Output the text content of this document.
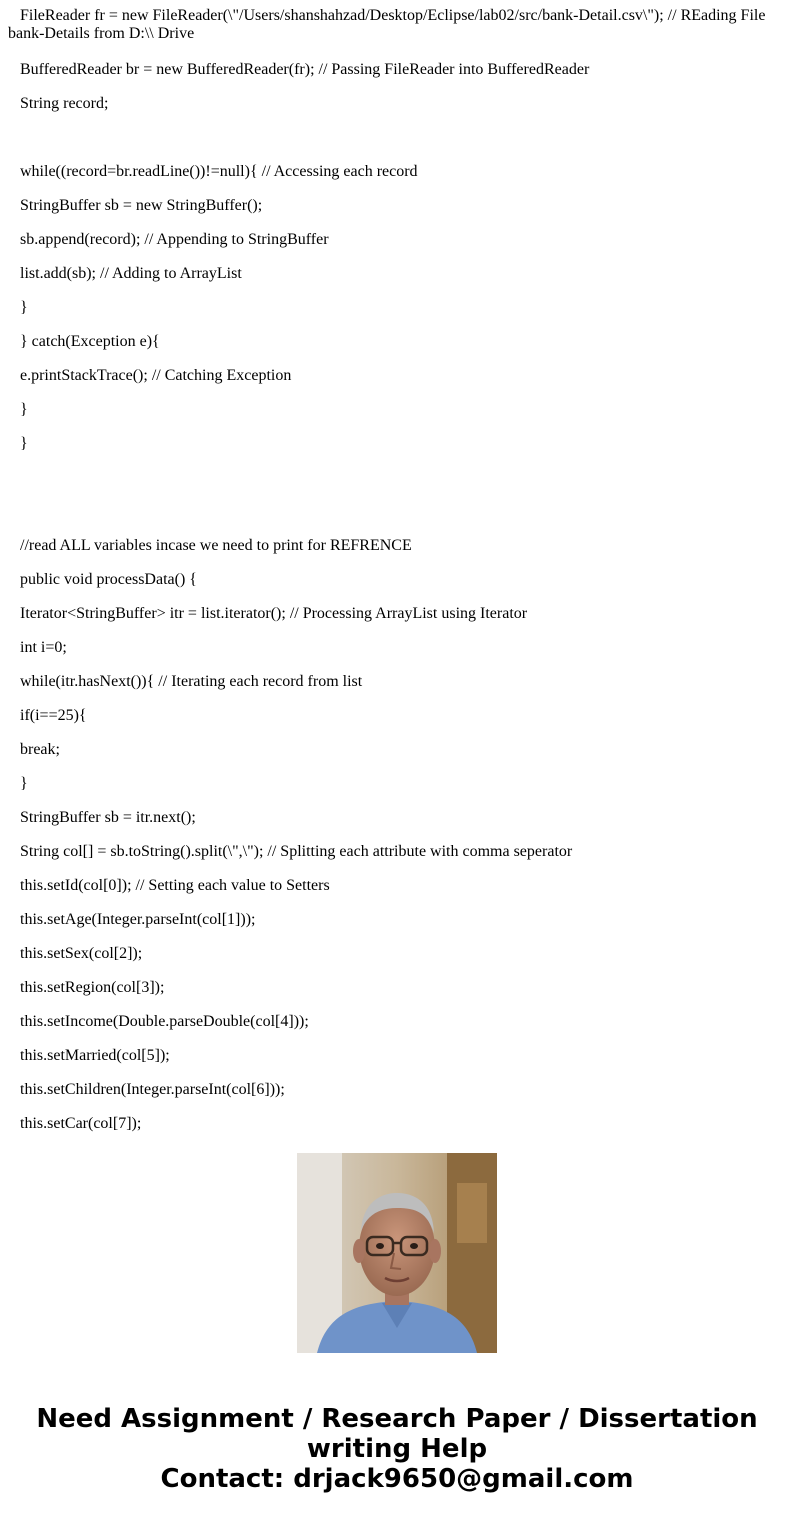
FileReader fr = new FileReader(\"/Users/shanshahzad/Desktop/Eclipse/lab02/src/bank-Detail.csv\"); // REading File bank-Details from D:\\ Drive

BufferedReader br = new BufferedReader(fr); // Passing FileReader into BufferedReader

String record;

while((record=br.readLine())!=null){ // Accessing each record

StringBuffer sb = new StringBuffer();

sb.append(record); // Appending to StringBuffer

list.add(sb); // Adding to ArrayList

}

} catch(Exception e){

e.printStackTrace(); // Catching Exception

}

}

//read ALL variables incase we need to print for REFRENCE

public void processData() {

Iterator<StringBuffer> itr = list.iterator(); // Processing ArrayList using Iterator

int i=0;

while(itr.hasNext()){ // Iterating each record from list

if(i==25){

break;

}

StringBuffer sb = itr.next();

String col[] = sb.toString().split(\",\"); // Splitting each attribute with comma seperator

this.setId(col[0]); // Setting each value to Setters

this.setAge(Integer.parseInt(col[1]));

this.setSex(col[2]);

this.setRegion(col[3]);

this.setIncome(Double.parseDouble(col[4]));

this.setMarried(col[5]);

this.setChildren(Integer.parseInt(col[6]));

this.setCar(col[7]);

Need Assignment / Research Paper / Dissertation
writing Help
Contact: drjack9650@gmail.com
